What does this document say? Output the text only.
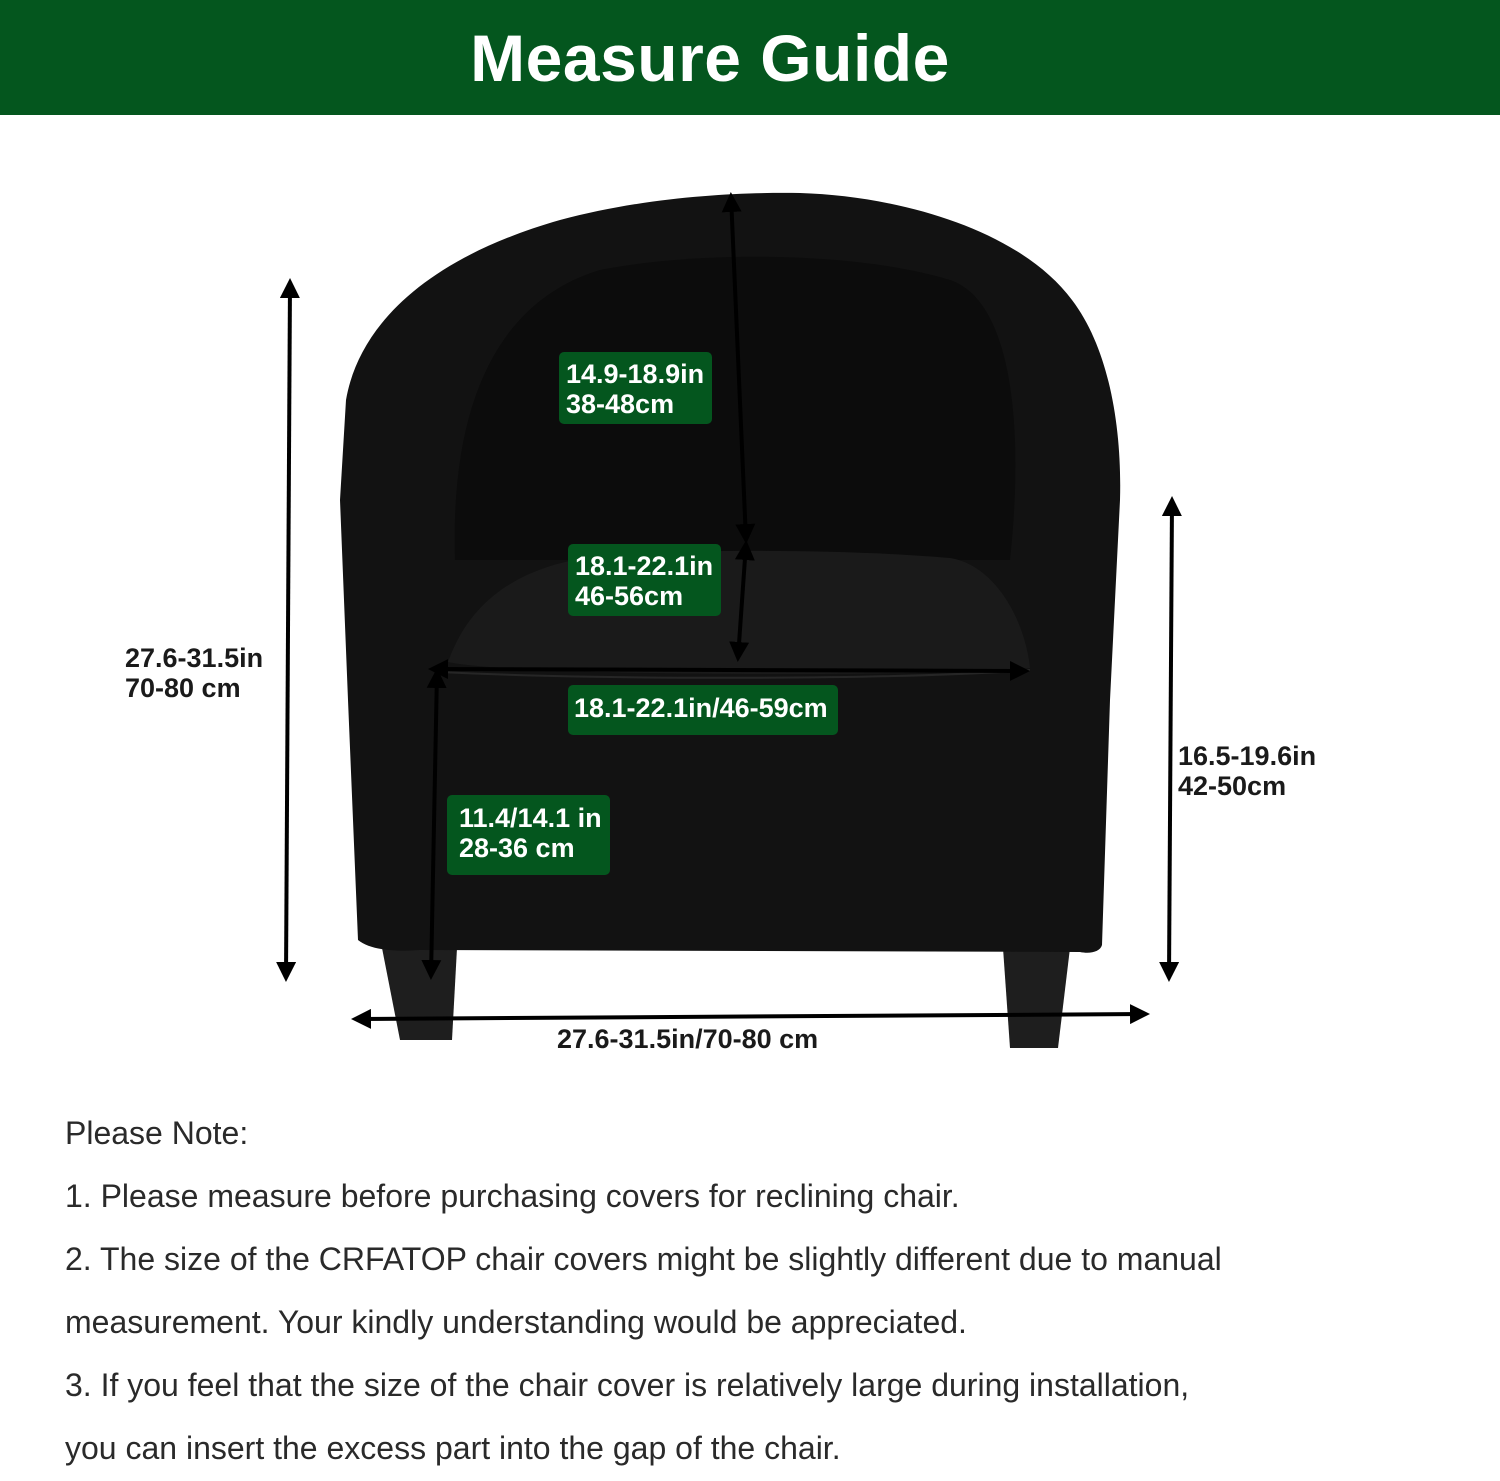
Measure Guide
14.9-18.9in
38-48cm
18.1-22.1in
46-56cm
18.1-22.1in/46-59cm
11.4/14.1 in
28-36 cm
27.6-31.5in
70-80 cm
16.5-19.6in
42-50cm
27.6-31.5in/70-80 cm

Please Note:

1. Please measure before purchasing covers for reclining chair.

2. The size of the CRFATOP chair covers might be slightly different due to manual

measurement. Your kindly understanding would be appreciated.

3. If you feel that the size of the chair cover is relatively large during installation,

you can insert the excess part into the gap of the chair.
